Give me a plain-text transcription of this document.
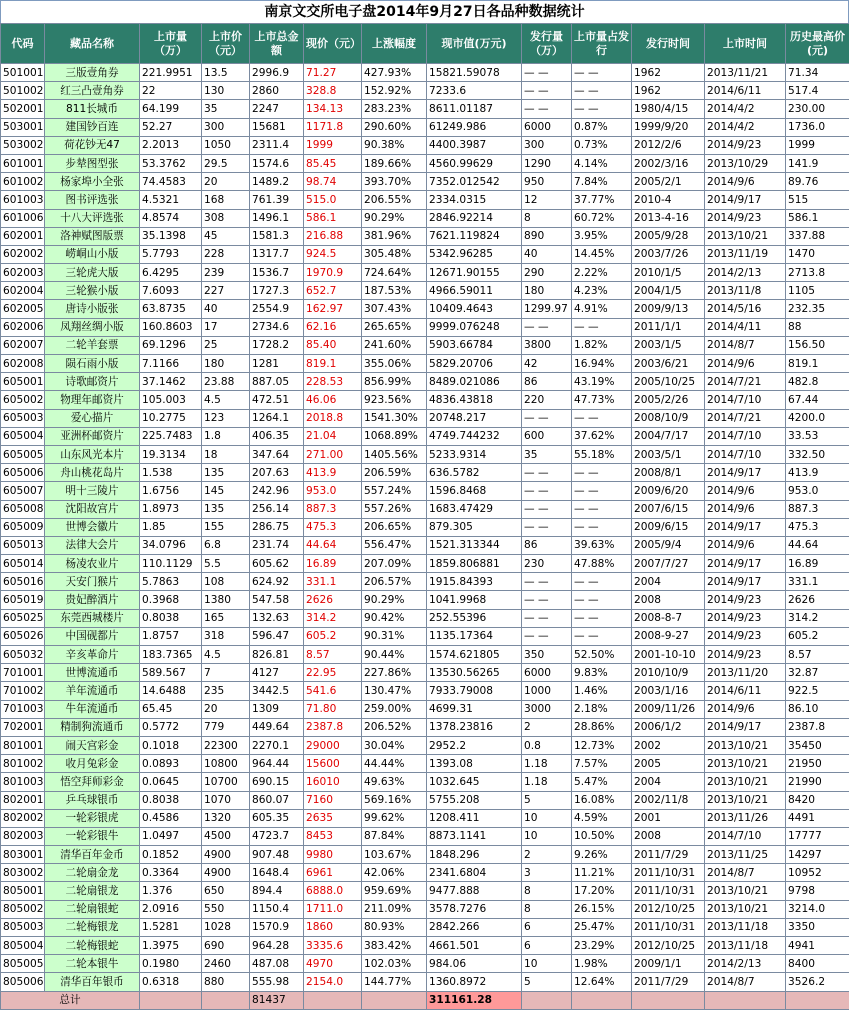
南京文交所电子盘2014年9月27日各品种数据统计
代码	藏品名称	上市量（万）	上市价（元）	上市总金额	现价（元）	上涨幅度	现市值(万元)	发行量（万）	上市量占发行	发行时间	上市时间	历史最高价(元)
501001	三版壹角券	221.9951	13.5	2996.9	71.27	427.93%	15821.59078	— —	— —	1962	2013/11/21	71.34
501002	红三凸壹角券	22	130	2860	328.8	152.92%	7233.6	— —	— —	1962	2014/6/11	517.4
502001	811长城币	64.199	35	2247	134.13	283.23%	8611.01187	— —	— —	1980/4/15	2014/4/2	230.00
503001	建国钞百连	52.27	300	15681	1171.8	290.60%	61249.986	6000	0.87%	1999/9/20	2014/4/2	1736.0
503002	荷花钞无47	2.2013	1050	2311.4	1999	90.38%	4400.3987	300	0.73%	2012/2/6	2014/9/23	1999
601001	步辇图型张	53.3762	29.5	1574.6	85.45	189.66%	4560.99629	1290	4.14%	2002/3/16	2013/10/29	141.9
601002	杨家埠小全张	74.4583	20	1489.2	98.74	393.70%	7352.012542	950	7.84%	2005/2/1	2014/9/6	89.76
601003	图书评选张	4.5321	168	761.39	515.0	206.55%	2334.0315	12	37.77%	2010-4	2014/9/17	515
601006	十八大评选张	4.8574	308	1496.1	586.1	90.29%	2846.92214	8	60.72%	2013-4-16	2014/9/23	586.1
602001	洛神赋图版票	35.1398	45	1581.3	216.88	381.96%	7621.119824	890	3.95%	2005/9/28	2013/10/21	337.88
602002	崂峒山小版	5.7793	228	1317.7	924.5	305.48%	5342.96285	40	14.45%	2003/7/26	2013/11/19	1470
602003	三轮虎大版	6.4295	239	1536.7	1970.9	724.64%	12671.90155	290	2.22%	2010/1/5	2014/2/13	2713.8
602004	三轮猴小版	7.6093	227	1727.3	652.7	187.53%	4966.59011	180	4.23%	2004/1/5	2013/11/8	1105
602005	唐诗小版张	63.8735	40	2554.9	162.97	307.43%	10409.4643	1299.97	4.91%	2009/9/13	2014/5/16	232.35
602006	凤翔丝绸小版	160.8603	17	2734.6	62.16	265.65%	9999.076248	— —	— —	2011/1/1	2014/4/11	88
602007	二轮羊套票	69.1296	25	1728.2	85.40	241.60%	5903.66784	3800	1.82%	2003/1/5	2014/8/7	156.50
602008	陨石雨小版	7.1166	180	1281	819.1	355.06%	5829.20706	42	16.94%	2003/6/21	2014/9/6	819.1
605001	诗歌邮资片	37.1462	23.88	887.05	228.53	856.99%	8489.021086	86	43.19%	2005/10/25	2014/7/21	482.8
605002	物理年邮资片	105.003	4.5	472.51	46.06	923.56%	4836.43818	220	47.73%	2005/2/26	2014/7/10	67.44
605003	爱心描片	10.2775	123	1264.1	2018.8	1541.30%	20748.217	— —	— —	2008/10/9	2014/7/21	4200.0
605004	亚洲杯邮资片	225.7483	1.8	406.35	21.04	1068.89%	4749.744232	600	37.62%	2004/7/17	2014/7/10	33.53
605005	山东风光本片	19.3134	18	347.64	271.00	1405.56%	5233.9314	35	55.18%	2003/5/1	2014/7/10	332.50
605006	舟山桃花岛片	1.538	135	207.63	413.9	206.59%	636.5782	— —	— —	2008/8/1	2014/9/17	413.9
605007	明十三陵片	1.6756	145	242.96	953.0	557.24%	1596.8468	— —	— —	2009/6/20	2014/9/6	953.0
605008	沈阳故宫片	1.8973	135	256.14	887.3	557.26%	1683.47429	— —	— —	2007/6/15	2014/9/6	887.3
605009	世博会徽片	1.85	155	286.75	475.3	206.65%	879.305	— —	— —	2009/6/15	2014/9/17	475.3
605013	法律大会片	34.0796	6.8	231.74	44.64	556.47%	1521.313344	86	39.63%	2005/9/4	2014/9/6	44.64
605014	杨凌农业片	110.1129	5.5	605.62	16.89	207.09%	1859.806881	230	47.88%	2007/7/27	2014/9/17	16.89
605016	天安门猴片	5.7863	108	624.92	331.1	206.57%	1915.84393	— —	— —	2004	2014/9/17	331.1
605019	贵妃醉酒片	0.3968	1380	547.58	2626	90.29%	1041.9968	— —	— —	2008	2014/9/23	2626
605025	东莞西城楼片	0.8038	165	132.63	314.2	90.42%	252.55396	— —	— —	2008-8-7	2014/9/23	314.2
605026	中国砚都片	1.8757	318	596.47	605.2	90.31%	1135.17364	— —	— —	2008-9-27	2014/9/23	605.2
605032	辛亥革命片	183.7365	4.5	826.81	8.57	90.44%	1574.621805	350	52.50%	2001-10-10	2014/9/23	8.57
701001	世博流通币	589.567	7	4127	22.95	227.86%	13530.56265	6000	9.83%	2010/10/9	2013/11/20	32.87
701002	羊年流通币	14.6488	235	3442.5	541.6	130.47%	7933.79008	1000	1.46%	2003/1/16	2014/6/11	922.5
701003	牛年流通币	65.45	20	1309	71.80	259.00%	4699.31	3000	2.18%	2009/11/26	2014/9/6	86.10
702001	精制狗流通币	0.5772	779	449.64	2387.8	206.52%	1378.23816	2	28.86%	2006/1/2	2014/9/17	2387.8
801001	闹天宫彩金	0.1018	22300	2270.1	29000	30.04%	2952.2	0.8	12.73%	2002	2013/10/21	35450
801002	收月兔彩金	0.0893	10800	964.44	15600	44.44%	1393.08	1.18	7.57%	2005	2013/10/21	21950
801003	悟空拜师彩金	0.0645	10700	690.15	16010	49.63%	1032.645	1.18	5.47%	2004	2013/10/21	21990
802001	乒乓球银币	0.8038	1070	860.07	7160	569.16%	5755.208	5	16.08%	2002/11/8	2013/10/21	8420
802002	一轮彩银虎	0.4586	1320	605.35	2635	99.62%	1208.411	10	4.59%	2001	2013/11/26	4491
802003	一轮彩银牛	1.0497	4500	4723.7	8453	87.84%	8873.1141	10	10.50%	2008	2014/7/10	17777
803001	清华百年金币	0.1852	4900	907.48	9980	103.67%	1848.296	2	9.26%	2011/7/29	2013/11/25	14297
803002	二轮扇金龙	0.3364	4900	1648.4	6961	42.06%	2341.6804	3	11.21%	2011/10/31	2014/8/7	10952
805001	二轮扇银龙	1.376	650	894.4	6888.0	959.69%	9477.888	8	17.20%	2011/10/31	2013/10/21	9798
805002	二轮扇银蛇	2.0916	550	1150.4	1711.0	211.09%	3578.7276	8	26.15%	2012/10/25	2013/10/21	3214.0
805003	二轮梅银龙	1.5281	1028	1570.9	1860	80.93%	2842.266	6	25.47%	2011/10/31	2013/11/18	3350
805004	二轮梅银蛇	1.3975	690	964.28	3335.6	383.42%	4661.501	6	23.29%	2012/10/25	2013/11/18	4941
805005	二轮本银牛	0.1980	2460	487.08	4970	102.03%	984.06	10	1.98%	2009/1/1	2014/2/13	8400
805006	清华百年银币	0.6318	880	555.98	2154.0	144.77%	1360.8972	5	12.64%	2011/7/29	2014/8/7	3526.2
总计				81437			311161.28					
